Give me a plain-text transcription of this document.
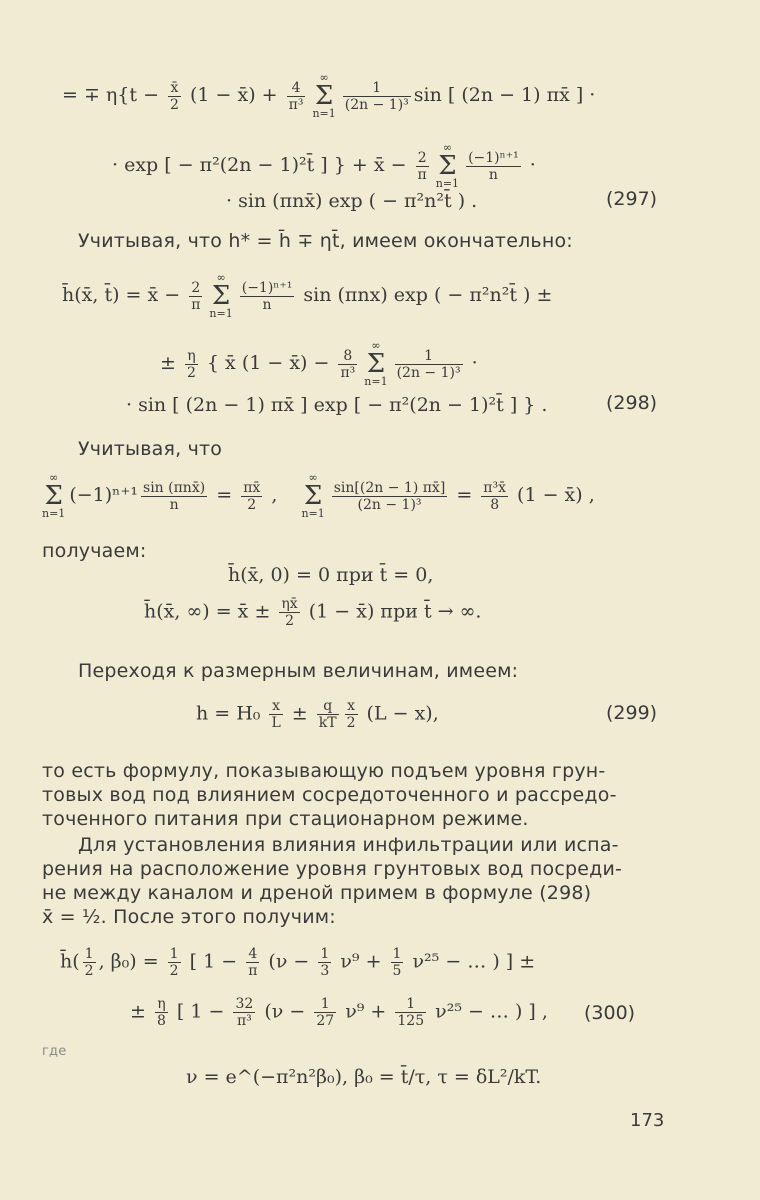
= ∓ $\eta\{t - \frac{x̄}{2} (1$ − x̄) + $\frac{4}{\text{π³}}$
∞
Σ
n=1
$\frac{1}{\text{(2n − 1)³}}$ sin [ (2n − 1) πx̄ ] ·
· exp [ − π²(2n − 1)²t̄ ] } + x̄ − $\frac{2}{\pi}$
∞
Σ
n=1
$\frac{\text{(−1)ⁿ⁺¹}}{n}$ ·
· sin (πnx̄) exp ( − π²n²t̄ ) .	(297)
Учитывая, что h* = h̄ ∓ ηt̄, имеем окончательно:
h̄(x̄, t̄) = x̄ − $\frac{2}{\pi}$
∞
Σ
n=1
$\frac{\text{(−1)ⁿ⁺¹}}{n}$ sin (πnx) exp ( − π²n²t̄ ) ±
± $\frac{\eta}{2}$ { x̄ (1 − x̄) − $\frac{8}{\text{π³}}$
∞
Σ
n=1
$\frac{1}{\text{(2n − 1)³}}$ ·
· sin [ (2n − 1) πx̄ ] exp [ − π²(2n − 1)²t̄ ] } .	(298)
Учитывая, что
∞
Σ
n=1
$(-1)^{n+1} \frac{\text{sin (πnx̄)}}{n} = \frac{\pi x̄}{2}$ ,
∞
Σ
n=1
$\frac{\sin[(2n - 1) \pi x̄]}{\text{(2n − 1)³}} = \frac{\text{π³x̄}}{8} (1$ − x̄) ,
получаем:
h̄(x̄, 0) = 0 при t̄ = 0,
h̄(x̄, ∞) = x̄ ± $\frac{\eta x̄}{2} (1$ − x̄) при t̄ → ∞.
Переходя к размерным величинам, имеем:
$h = H_0 \frac{x}{L} \pm \frac{q}{kT} \frac{x}{2} (L - x)$,	(299)
то есть формулу, показывающую подъем уровня грун-
товых вод под влиянием сосредоточенного и рассредо-
точенного питания при стационарном режиме.
Для установления влияния инфильтрации или испа-
рения на расположение уровня грунтовых вод посреди-
не между каналом и дреной примем в формуле (298)
x̄ = ½. После этого получим:
h̄( $\frac{1}{2}$ , $\beta_0) = \frac{1}{2}$ [ $1 - \frac{4}{\pi} (\nu - \frac{1}{3} \nu^9 + \frac{1}{5} \nu^{25}$ − … ) ] ±
± $\frac{\eta}{8}$ [ $1 - \frac{32}{\text{π³}} (\nu - \frac{1}{27} \nu^9 + \frac{1}{125} \nu^{25}$ − … ) ] , (300)
где
ν = e^(−π²n²β₀), β₀ = t̄/τ, τ = δL²/kT.
173
